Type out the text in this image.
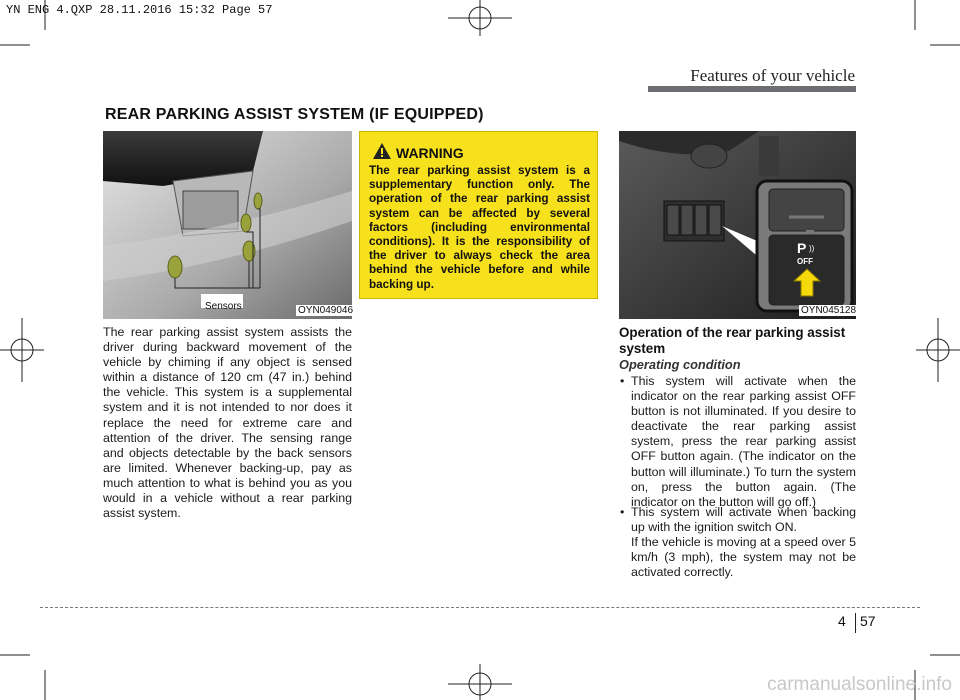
YN ENG 4.QXP 28.11.2016 15:32 Page 57
Features of your vehicle
REAR PARKING ASSIST SYSTEM (IF EQUIPPED)
Sensors	OYN049046
The rear parking assist system assists the driver during backward movement of the vehicle by chiming if any object is sensed within a distance of 120 cm (47 in.) behind the vehicle. This system is a supplemental system and it is not intended to nor does it replace the need for extreme care and attention of the driver. The sensing range and objects detectable by the back sensors are limited. Whenever backing-up, pay as much attention to what is behind you as you would in a vehicle without a rear parking assist system.
WARNING
The rear parking assist system is a supplementary function only. The operation of the rear parking assist system can be affected by several factors (including environmental conditions). It is the responsibility of the driver to always check the area behind the vehicle before and while backing up.
P ))
OFF
OYN045128
Operation of the rear parking assist system
Operating condition
• This system will activate when the indicator on the rear parking assist OFF button is not illuminated. If you desire to deactivate the rear parking assist system, press the rear parking assist OFF button again. (The indicator on the button will illuminate.) To turn the system on, press the button again. (The indicator on the button will go off.)
• This system will activate when backing up with the ignition switch ON.
If the vehicle is moving at a speed over 5 km/h (3 mph), the system may not be activated correctly.
4 57
carmanualsonline.info
